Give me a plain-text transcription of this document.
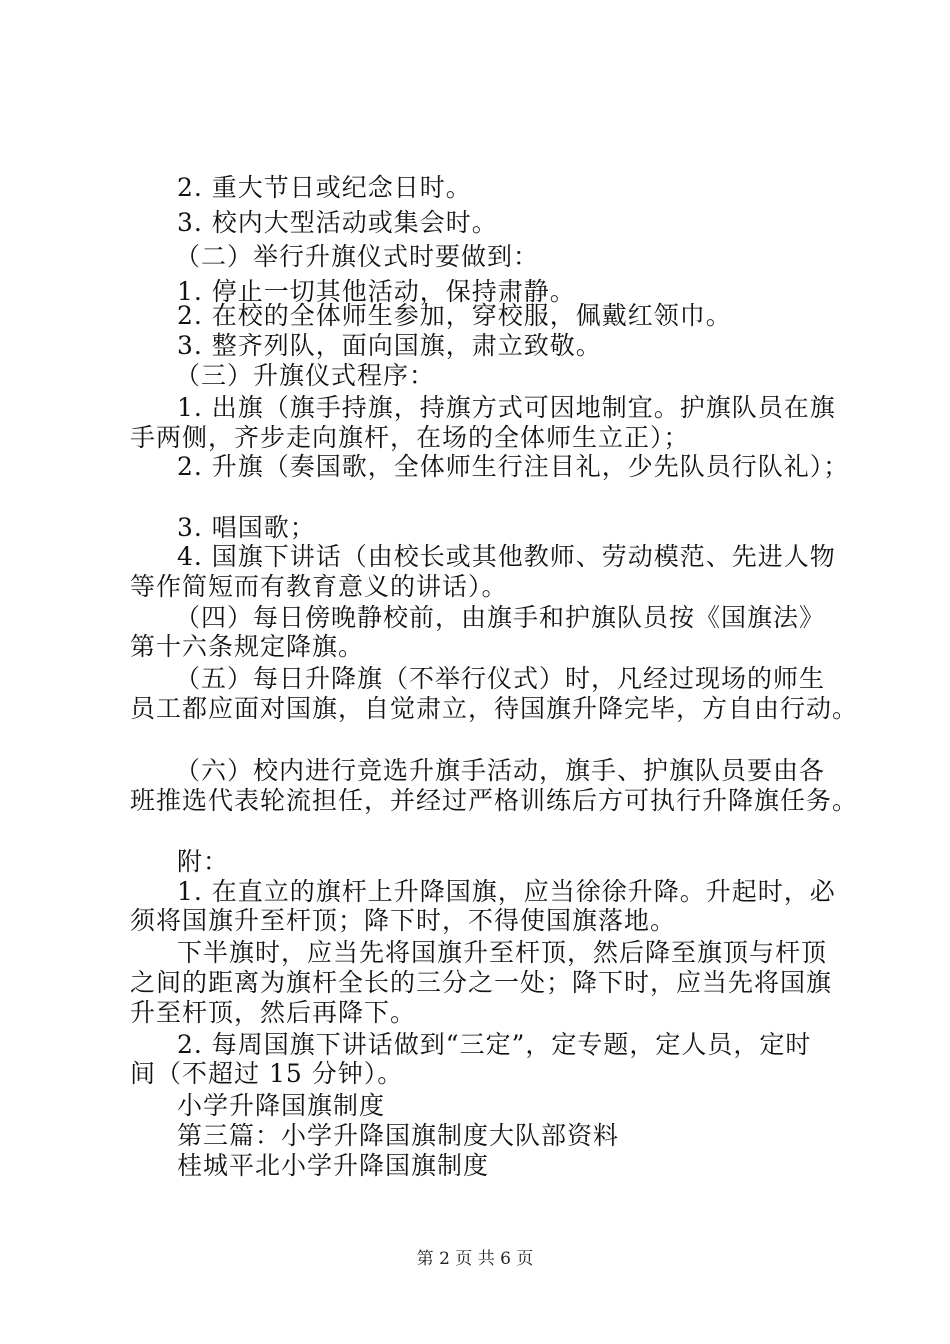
2. 重大节日或纪念日时。
3. 校内大型活动或集会时。
（二）举行升旗仪式时要做到：
1. 停止一切其他活动，保持肃静。
2. 在校的全体师生参加，穿校服，佩戴红领巾。
3. 整齐列队，面向国旗，肃立致敬。
（三）升旗仪式程序：
1. 出旗（旗手持旗，持旗方式可因地制宜。护旗队员在旗
手两侧，齐步走向旗杆，在场的全体师生立正）；
2. 升旗（奏国歌，全体师生行注目礼，少先队员行队礼）；
3. 唱国歌；
4. 国旗下讲话（由校长或其他教师、劳动模范、先进人物
等作简短而有教育意义的讲话）。
（四）每日傍晚静校前，由旗手和护旗队员按《国旗法》
第十六条规定降旗。
（五）每日升降旗（不举行仪式）时，凡经过现场的师生
员工都应面对国旗，自觉肃立，待国旗升降完毕，方自由行动。
（六）校内进行竞选升旗手活动，旗手、护旗队员要由各
班推选代表轮流担任，并经过严格训练后方可执行升降旗任务。
附：
1. 在直立的旗杆上升降国旗，应当徐徐升降。升起时，必
须将国旗升至杆顶；降下时，不得使国旗落地。
下半旗时，应当先将国旗升至杆顶，然后降至旗顶与杆顶
之间的距离为旗杆全长的三分之一处；降下时，应当先将国旗
升至杆顶，然后再降下。
2. 每周国旗下讲话做到“三定”，定专题，定人员，定时
间（不超过 15 分钟）。
小学升降国旗制度
第三篇：小学升降国旗制度大队部资料
桂城平北小学升降国旗制度
第 2 页 共 6 页
